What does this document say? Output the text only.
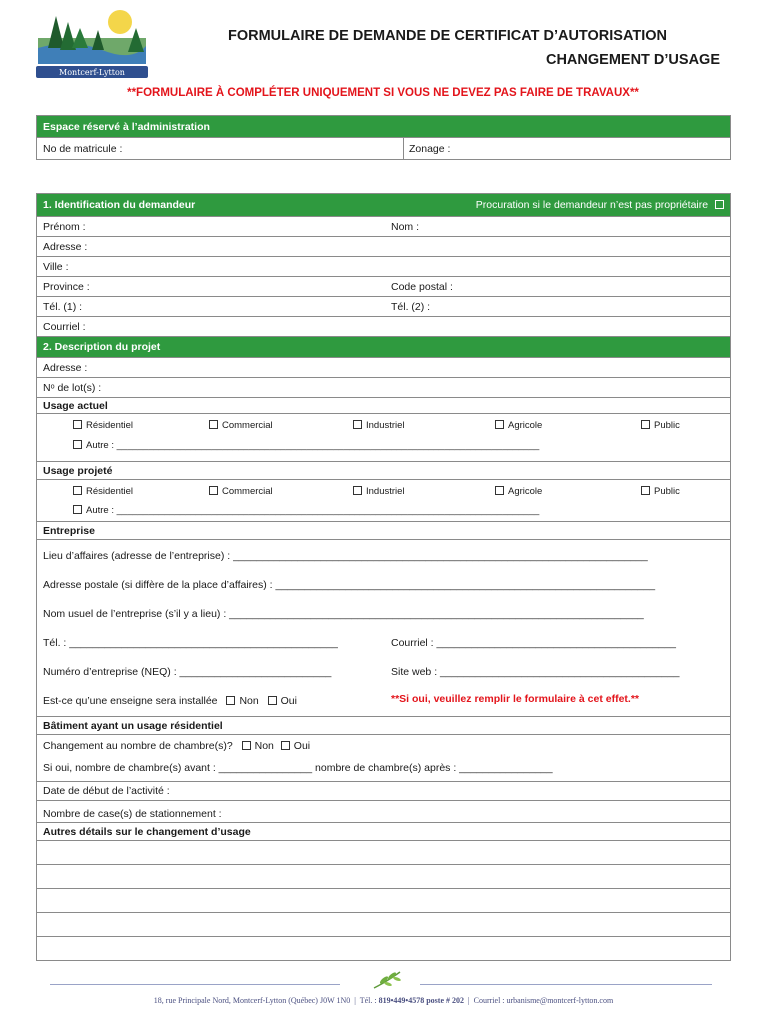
Montcerf-Lytton
FORMULAIRE DE DEMANDE DE CERTIFICAT D’AUTORISATION
CHANGEMENT D’USAGE
**FORMULAIRE À COMPLÉTER UNIQUEMENT SI VOUS NE DEVEZ PAS FAIRE DE TRAVAUX**
Espace réservé à l’administration
No de matricule :	Zonage :
1. Identification du demandeur	Procuration si le demandeur n’est pas propriétaire
Prénom :	Nom :
Adresse :
Ville :
Province :	Code postal :
Tél. (1) :	Tél. (2) :
Courriel :
2. Description du projet
Adresse :
Nᵒ de lot(s) :
Usage actuel
Résidentiel	Commercial	Industriel	Agricole	Public
Autre : ________________________________________________________________________________
Usage projeté
Résidentiel	Commercial	Industriel	Agricole	Public
Autre : ________________________________________________________________________________
Entreprise
Lieu d’affaires (adresse de l’entreprise) : _______________________________________________________________________
Adresse postale (si diffère de la place d’affaires) : _________________________________________________________________
Nom usuel de l’entreprise (s’il y a lieu) : _______________________________________________________________________
Tél. : ______________________________________________	Courriel : _________________________________________
Numéro d’entreprise (NEQ) : __________________________	Site web : _________________________________________
Est-ce qu’une enseigne sera installée Non Oui	**Si oui, veuillez remplir le formulaire à cet effet.**
Bâtiment ayant un usage résidentiel
Changement au nombre de chambre(s)? Non Oui
Si oui, nombre de chambre(s) avant : ________________ nombre de chambre(s) après : ________________
Date de début de l’activité :
Nombre de case(s) de stationnement :
Autres détails sur le changement d’usage
18, rue Principale Nord, Montcerf-Lytton (Québec) J0W 1N0  |  Tél. : 819•449•4578 poste # 202  |  Courriel : urbanisme@montcerf-lytton.com
